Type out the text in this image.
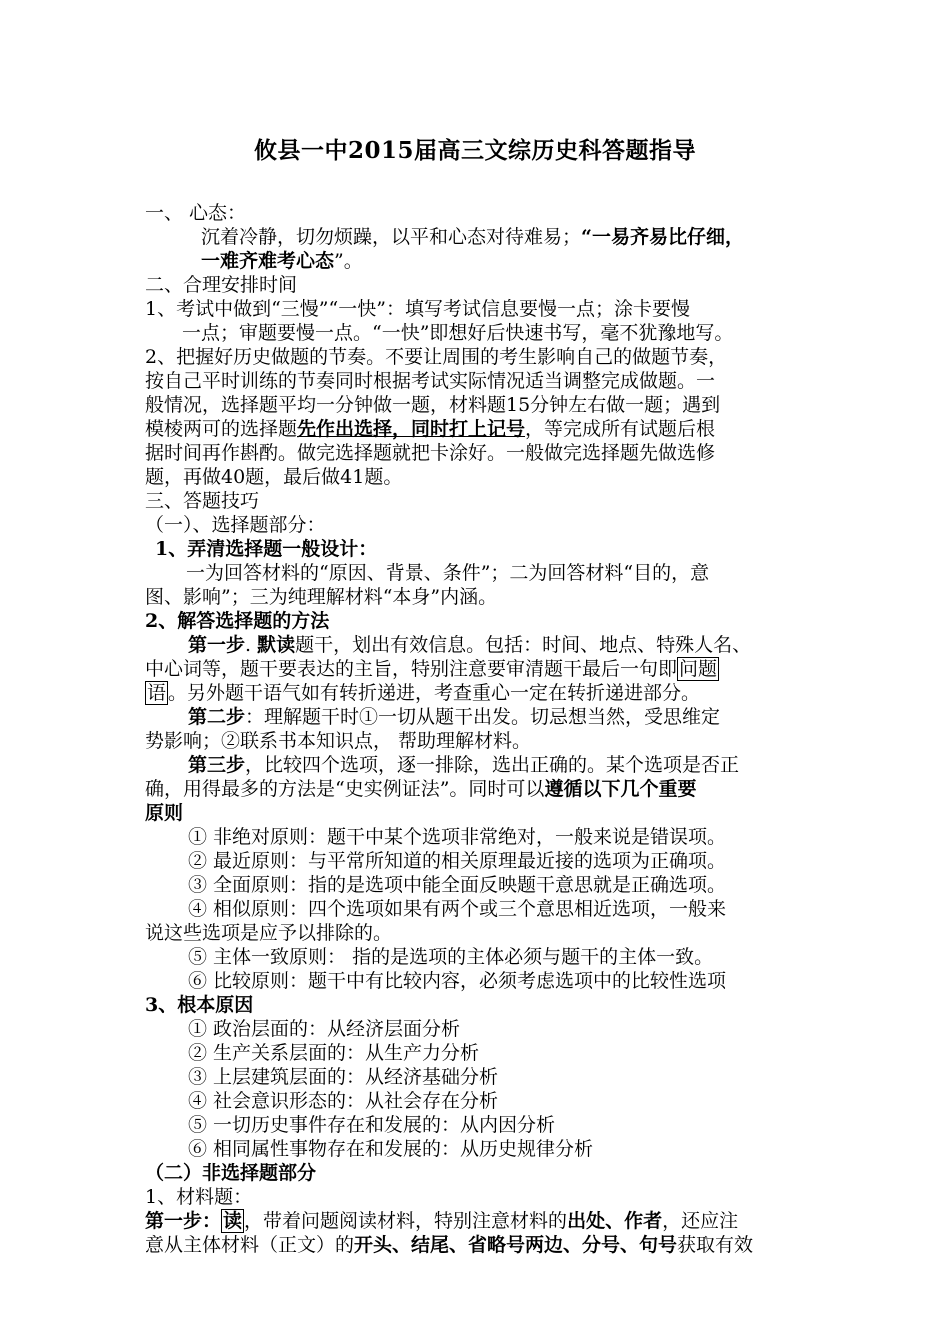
攸县一中2015届高三文综历史科答题指导
一、 心态：
沉着冷静，切勿烦躁，以平和心态对待难易；“一易齐易比仔细，
一难齐难考心态”。
二、合理安排时间
1、考试中做到“三慢”“一快”：填写考试信息要慢一点；涂卡要慢
一点；审题要慢一点。“一快”即想好后快速书写，毫不犹豫地写。
2、把握好历史做题的节奏。不要让周围的考生影响自己的做题节奏，
按自己平时训练的节奏同时根据考试实际情况适当调整完成做题。一
般情况，选择题平均一分钟做一题，材料题15分钟左右做一题；遇到
模棱两可的选择题先作出选择，同时打上记号，等完成所有试题后根
据时间再作斟酌。做完选择题就把卡涂好。一般做完选择题先做选修
题，再做40题，最后做41题。
三、答题技巧
（一）、选择题部分：
1、弄清选择题一般设计：
一为回答材料的“原因、背景、条件”；二为回答材料“目的，意
图、影响”；三为纯理解材料“本身”内涵。
2、解答选择题的方法
第一步. 默读题干，划出有效信息。包括：时间、地点、特殊人名、
中心词等，题干要表达的主旨，特别注意要审清题干最后一句即 问题
语 。另外题干语气如有转折递进，考查重心一定在转折递进部分。
第二步：理解题干时①一切从题干出发。切忌想当然，受思维定
势影响；②联系书本知识点， 帮助理解材料。
第三步，比较四个选项，逐一排除，选出正确的。某个选项是否正
确，用得最多的方法是“史实例证法”。同时可以遵循以下几个重要
原则
① 非绝对原则：题干中某个选项非常绝对，一般来说是错误项。
② 最近原则：与平常所知道的相关原理最近接的选项为正确项。
③ 全面原则：指的是选项中能全面反映题干意思就是正确选项。
④ 相似原则：四个选项如果有两个或三个意思相近选项，一般来
说这些选项是应予以排除的。
⑤ 主体一致原则： 指的是选项的主体必须与题干的主体一致。
⑥ 比较原则：题干中有比较内容，必须考虑选项中的比较性选项
3、根本原因
① 政治层面的：从经济层面分析
② 生产关系层面的：从生产力分析
③ 上层建筑层面的：从经济基础分析
④ 社会意识形态的：从社会存在分析
⑤ 一切历史事件存在和发展的：从内因分析
⑥ 相同属性事物存在和发展的：从历史规律分析
（二）非选择题部分
1、材料题：
第一步： 读 ，带着问题阅读材料，特别注意材料的出处、作者，还应注
意从主体材料（正文）的开头、结尾、省略号两边、分号、句号获取有效
